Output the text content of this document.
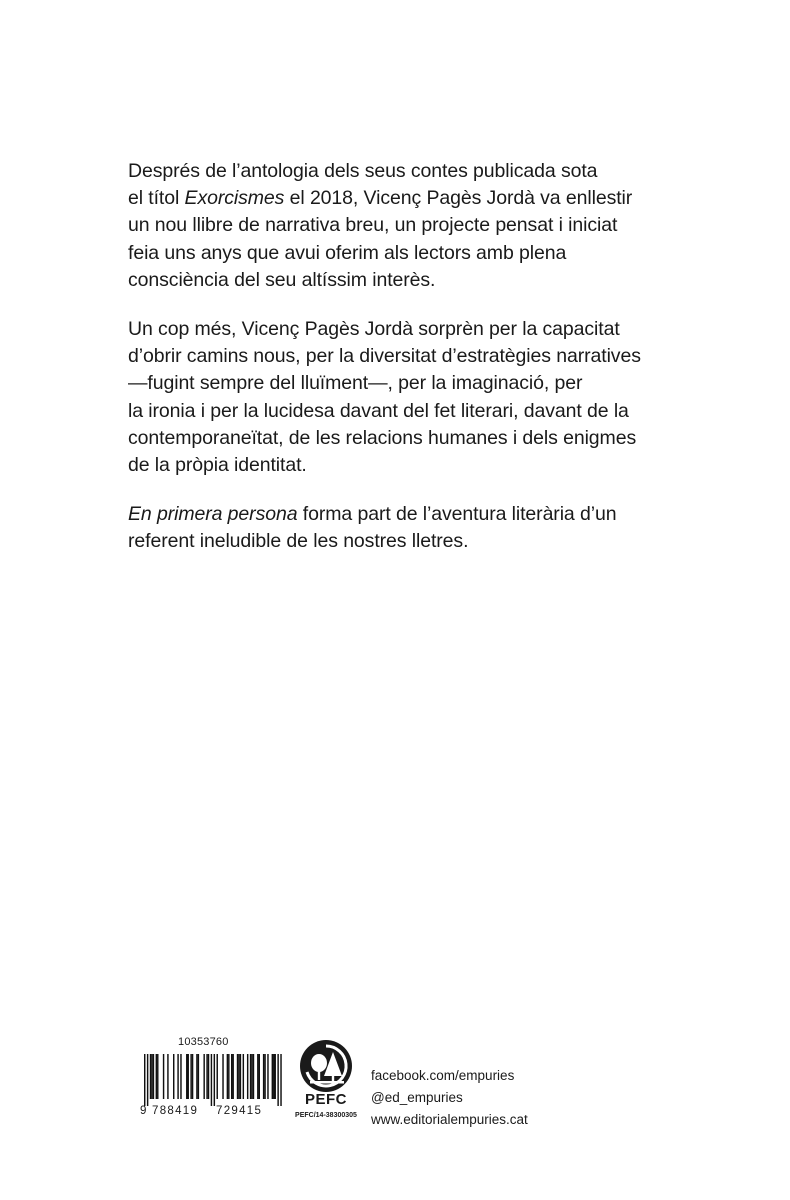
Després de l’antologia dels seus contes publicada sota
el títol Exorcismes el 2018, Vicenç Pagès Jordà va enllestir
un nou llibre de narrativa breu, un projecte pensat i iniciat
feia uns anys que avui oferim als lectors amb plena
consciència del seu altíssim interès.
Un cop més, Vicenç Pagès Jordà sorprèn per la capacitat
d’obrir camins nous, per la diversitat d’estratègies narratives
—fugint sempre del lluïment—, per la imaginació, per
la ironia i per la lucidesa davant del fet literari, davant de la
contemporaneïtat, de les relacions humanes i dels enigmes
de la pròpia identitat.
En primera persona forma part de l’aventura literària d’un
referent ineludible de les nostres lletres.
10353760
9 788419 729415
PEFC
PEFC/14-38300305
facebook.com/empuries
@ed_empuries
www.editorialempuries.cat
